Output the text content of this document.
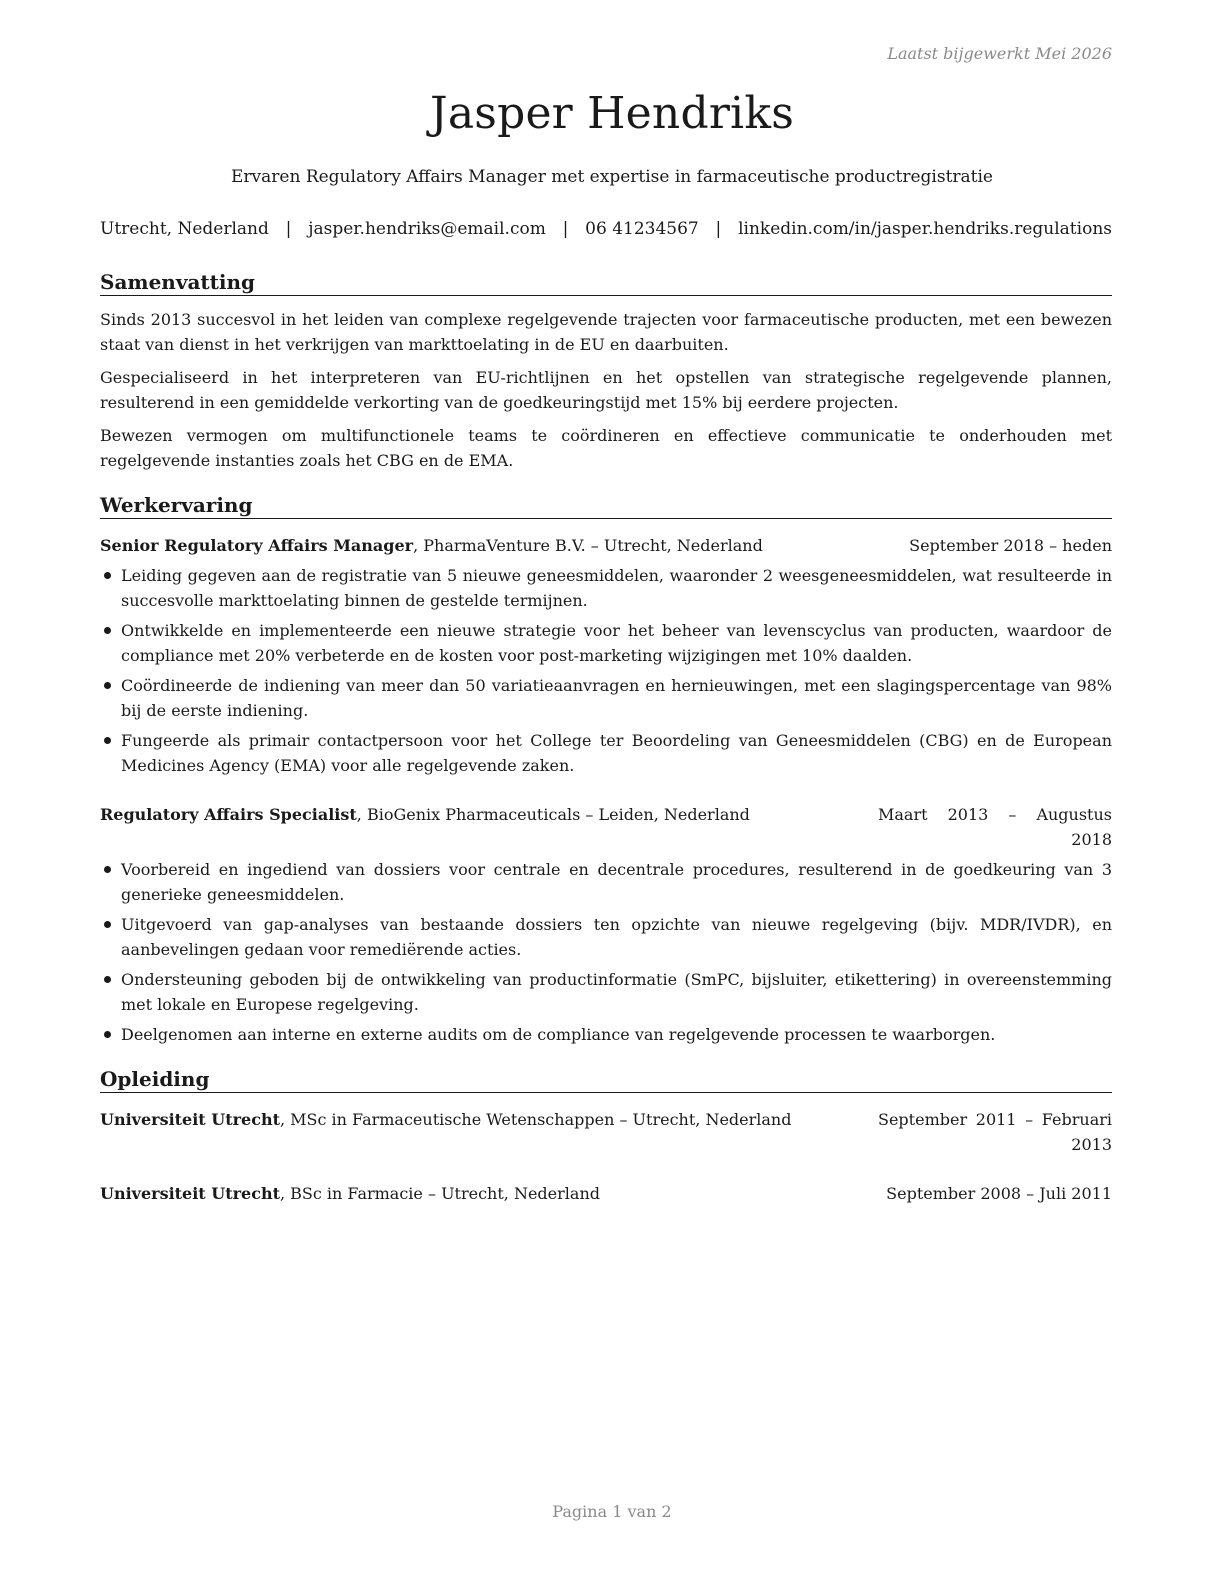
Laatst bijgewerkt Mei 2026
Jasper Hendriks
Ervaren Regulatory Affairs Manager met expertise in farmaceutische productregistratie
Utrecht, Nederland | jasper.hendriks@email.com | 06 41234567 | linkedin.com/in/jasper.hendriks.regulations
Samenvatting

Sinds 2013 succesvol in het leiden van complexe regelgevende trajecten voor farmaceutische producten, met een bewezen staat van dienst in het verkrijgen van markttoelating in de EU en daarbuiten.

Gespecialiseerd in het interpreteren van EU-richtlijnen en het opstellen van strategische regelgevende plannen, resulterend in een gemiddelde verkorting van de goedkeuringstijd met 15% bij eerdere projecten.

Bewezen vermogen om multifunctionele teams te coördineren en effectieve communicatie te onderhouden met regelgevende instanties zoals het CBG en de EMA.

Werkervaring
Senior Regulatory Affairs Manager, PharmaVenture B.V. – Utrecht, Nederland	September 2018 – heden
Leiding gegeven aan de registratie van 5 nieuwe geneesmiddelen, waaronder 2 weesgeneesmiddelen, wat resulteerde in succesvolle markttoelating binnen de gestelde termijnen.
Ontwikkelde en implementeerde een nieuwe strategie voor het beheer van levenscyclus van producten, waardoor de compliance met 20% verbeterde en de kosten voor post-marketing wijzigingen met 10% daalden.
Coördineerde de indiening van meer dan 50 variatieaanvragen en hernieuwingen, met een slagingspercentage van 98% bij de eerste indiening.
Fungeerde als primair contactpersoon voor het College ter Beoordeling van Geneesmiddelen (CBG) en de European Medicines Agency (EMA) voor alle regelgevende zaken.
Regulatory Affairs Specialist, BioGenix Pharmaceuticals – Leiden, Nederland	Maart 2013 – Augustus 2018
Voorbereid en ingediend van dossiers voor centrale en decentrale procedures, resulterend in de goedkeuring van 3 generieke geneesmiddelen.
Uitgevoerd van gap-analyses van bestaande dossiers ten opzichte van nieuwe regelgeving (bijv. MDR/IVDR), en aanbevelingen gedaan voor remediërende acties.
Ondersteuning geboden bij de ontwikkeling van productinformatie (SmPC, bijsluiter, etikettering) in overeenstemming met lokale en Europese regelgeving.
Deelgenomen aan interne en externe audits om de compliance van regelgevende processen te waarborgen.
Opleiding
Universiteit Utrecht, MSc in Farmaceutische Wetenschappen – Utrecht, Nederland	September 2011 – Februari 2013
Universiteit Utrecht, BSc in Farmacie – Utrecht, Nederland	September 2008 – Juli 2011
Pagina 1 van 2
